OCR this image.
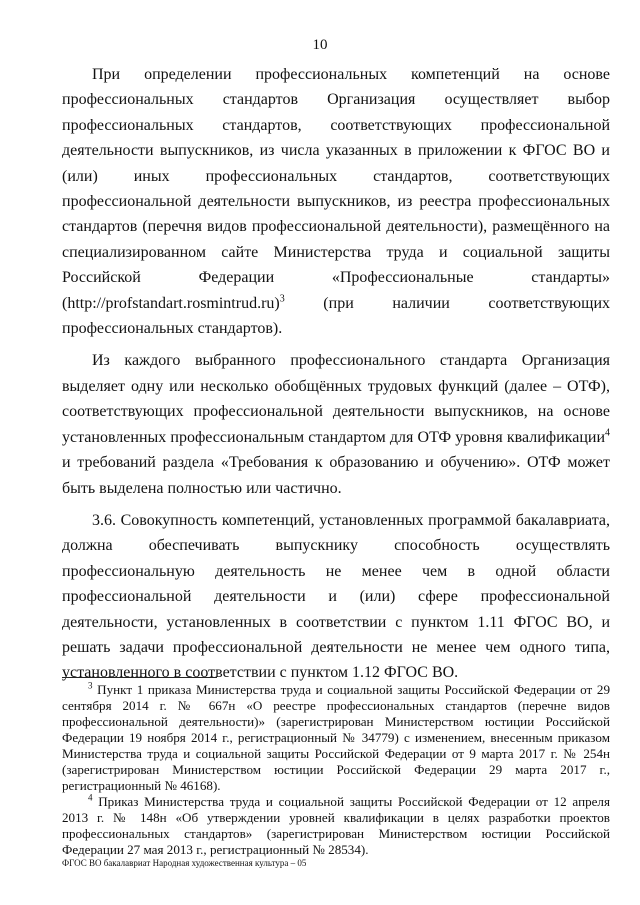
10

При определении профессиональных компетенций на основе профессиональных стандартов Организация осуществляет выбор профессиональных стандартов, соответствующих профессиональной деятельности выпускников, из числа указанных в приложении к ФГОС ВО и (или) иных профессиональных стандартов, соответствующих профессиональной деятельности выпускников, из реестра профессиональных стандартов (перечня видов профессиональной деятельности), размещённого на специализированном сайте Министерства труда и социальной защиты Российской Федерации «Профессиональные стандарты» (http://profstandart.rosmintrud.ru)$^3$ (при наличии соответствующих профессиональных стандартов).

Из каждого выбранного профессионального стандарта Организация выделяет одну или несколько обобщённых трудовых функций (далее – ОТФ), соответствующих профессиональной деятельности выпускников, на основе установленных профессиональным стандартом для ОТФ уровня квалификации$^4$ и требований раздела «Требования к образованию и обучению». ОТФ может быть выделена полностью или частично.

3.6. Совокупность компетенций, установленных программой бакалавриата, должна обеспечивать выпускнику способность осуществлять профессиональную деятельность не менее чем в одной области профессиональной деятельности и (или) сфере профессиональной деятельности, установленных в соответствии с пунктом 1.11 ФГОС ВО, и решать задачи профессиональной деятельности не менее чем одного типа, установленного в соответствии с пунктом 1.12 ФГОС ВО.

$^3$ Пункт 1 приказа Министерства труда и социальной защиты Российской Федерации от 29 сентября 2014 г. № 667н «О реестре профессиональных стандартов (перечне видов профессиональной деятельности)» (зарегистрирован Министерством юстиции Российской Федерации 19 ноября 2014 г., регистрационный № 34779) с изменением, внесенным приказом Министерства труда и социальной защиты Российской Федерации от 9 марта 2017 г. № 254н (зарегистрирован Министерством юстиции Российской Федерации 29 марта 2017 г., регистрационный № 46168).

$^4$ Приказ Министерства труда и социальной защиты Российской Федерации от 12 апреля 2013 г. № 148н «Об утверждении уровней квалификации в целях разработки проектов профессиональных стандартов» (зарегистрирован Министерством юстиции Российской Федерации 27 мая 2013 г., регистрационный № 28534).

ФГОС ВО бакалавриат Народная художественная культура – 05
